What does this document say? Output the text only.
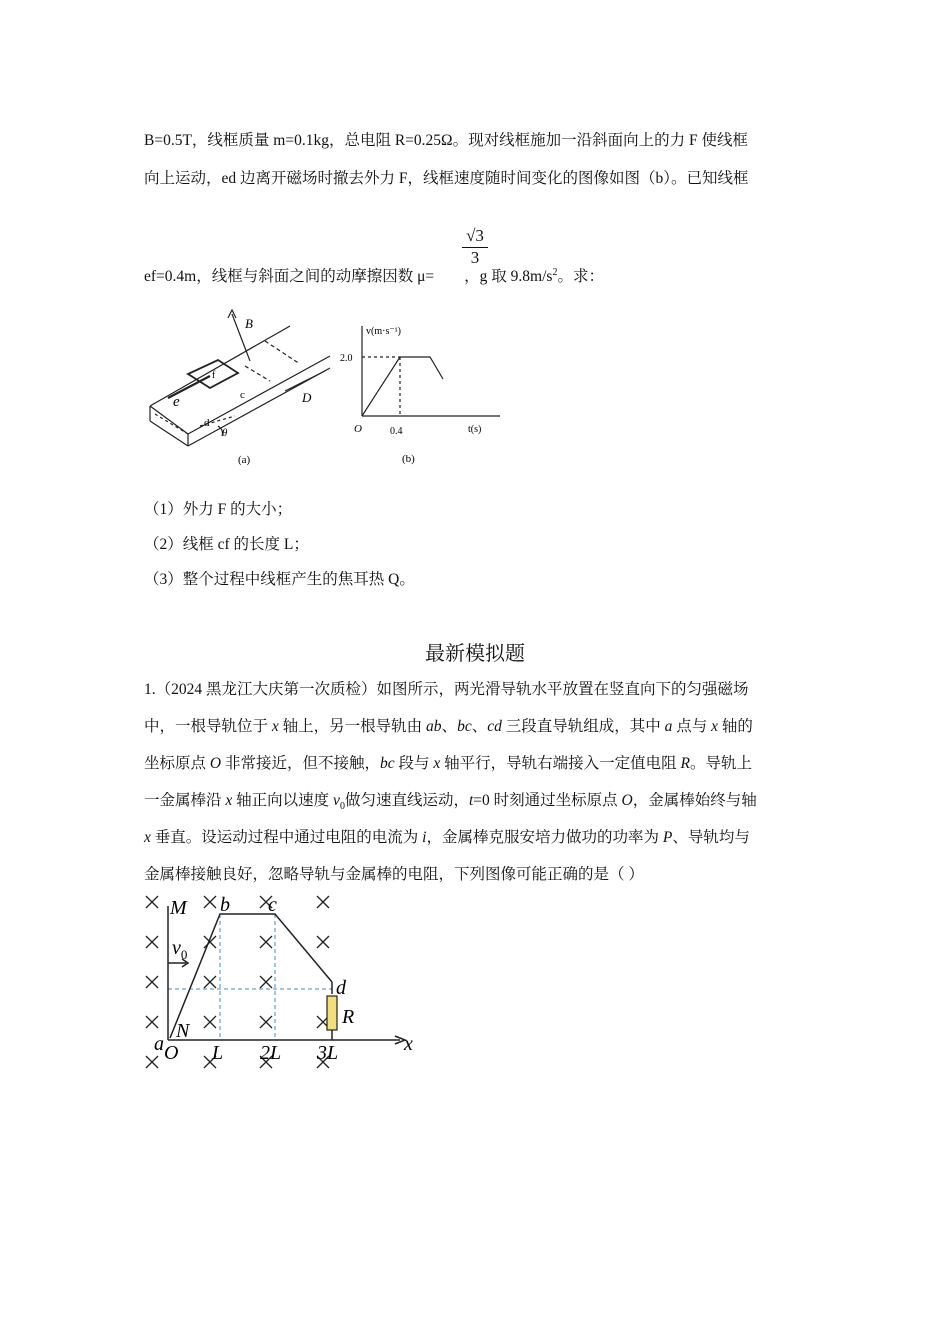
B=0.5T，线框质量 m=0.1kg，总电阻 R=0.25Ω。现对线框施加一沿斜面向上的力 F 使线框
向上运动，ed 边离开磁场时撤去外力 F，线框速度随时间变化的图像如图（b）。已知线框
ef=0.4m，线框与斜面之间的动摩擦因数 μ= ，g 取 $9.8m/s^2$。求：
$\frac{√3}{3}$
B
f
e	c
d
D
θ
(a)
v(m·s⁻¹)
2.0
O	0.4	t(s)
(b)
（1）外力 F 的大小；
（2）线框 cf 的长度 L；
（3）整个过程中线框产生的焦耳热 Q。
最新模拟题
1.（2024 黑龙江大庆第一次质检）如图所示，两光滑导轨水平放置在竖直向下的匀强磁场
中，一根导轨位于 x 轴上，另一根导轨由 ab、bc、cd 三段直导轨组成，其中 a 点与 x 轴的
坐标原点 O 非常接近，但不接触，bc 段与 x 轴平行，导轨右端接入一定值电阻 R。导轨上
一金属棒沿 x 轴正向以速度 $v_0$做匀速直线运动，t=0 时刻通过坐标原点 O，金属棒始终与轴
x 垂直。设运动过程中通过电阻的电流为 i，金属棒克服安培力做功的功率为 P、导轨均与
金属棒接触良好，忽略导轨与金属棒的电阻，下列图像可能正确的是（ ）
M b c
d
R
N
a O L 2L 3L	x
$v_0$
